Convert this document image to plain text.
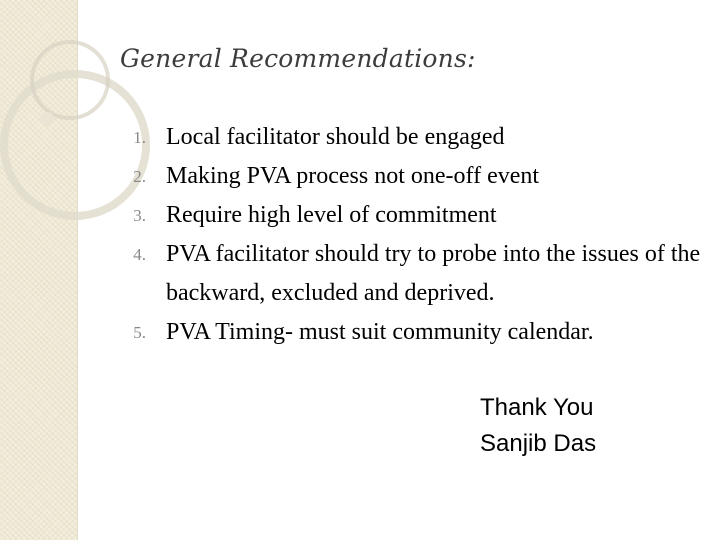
General Recommendations:
1. Local facilitator should be engaged
2. Making PVA process not one-off event
3. Require high level of commitment
4. PVA facilitator should try to probe into the issues of the backward, excluded and deprived.
5. PVA Timing- must suit community calendar.
Thank You
Sanjib Das
